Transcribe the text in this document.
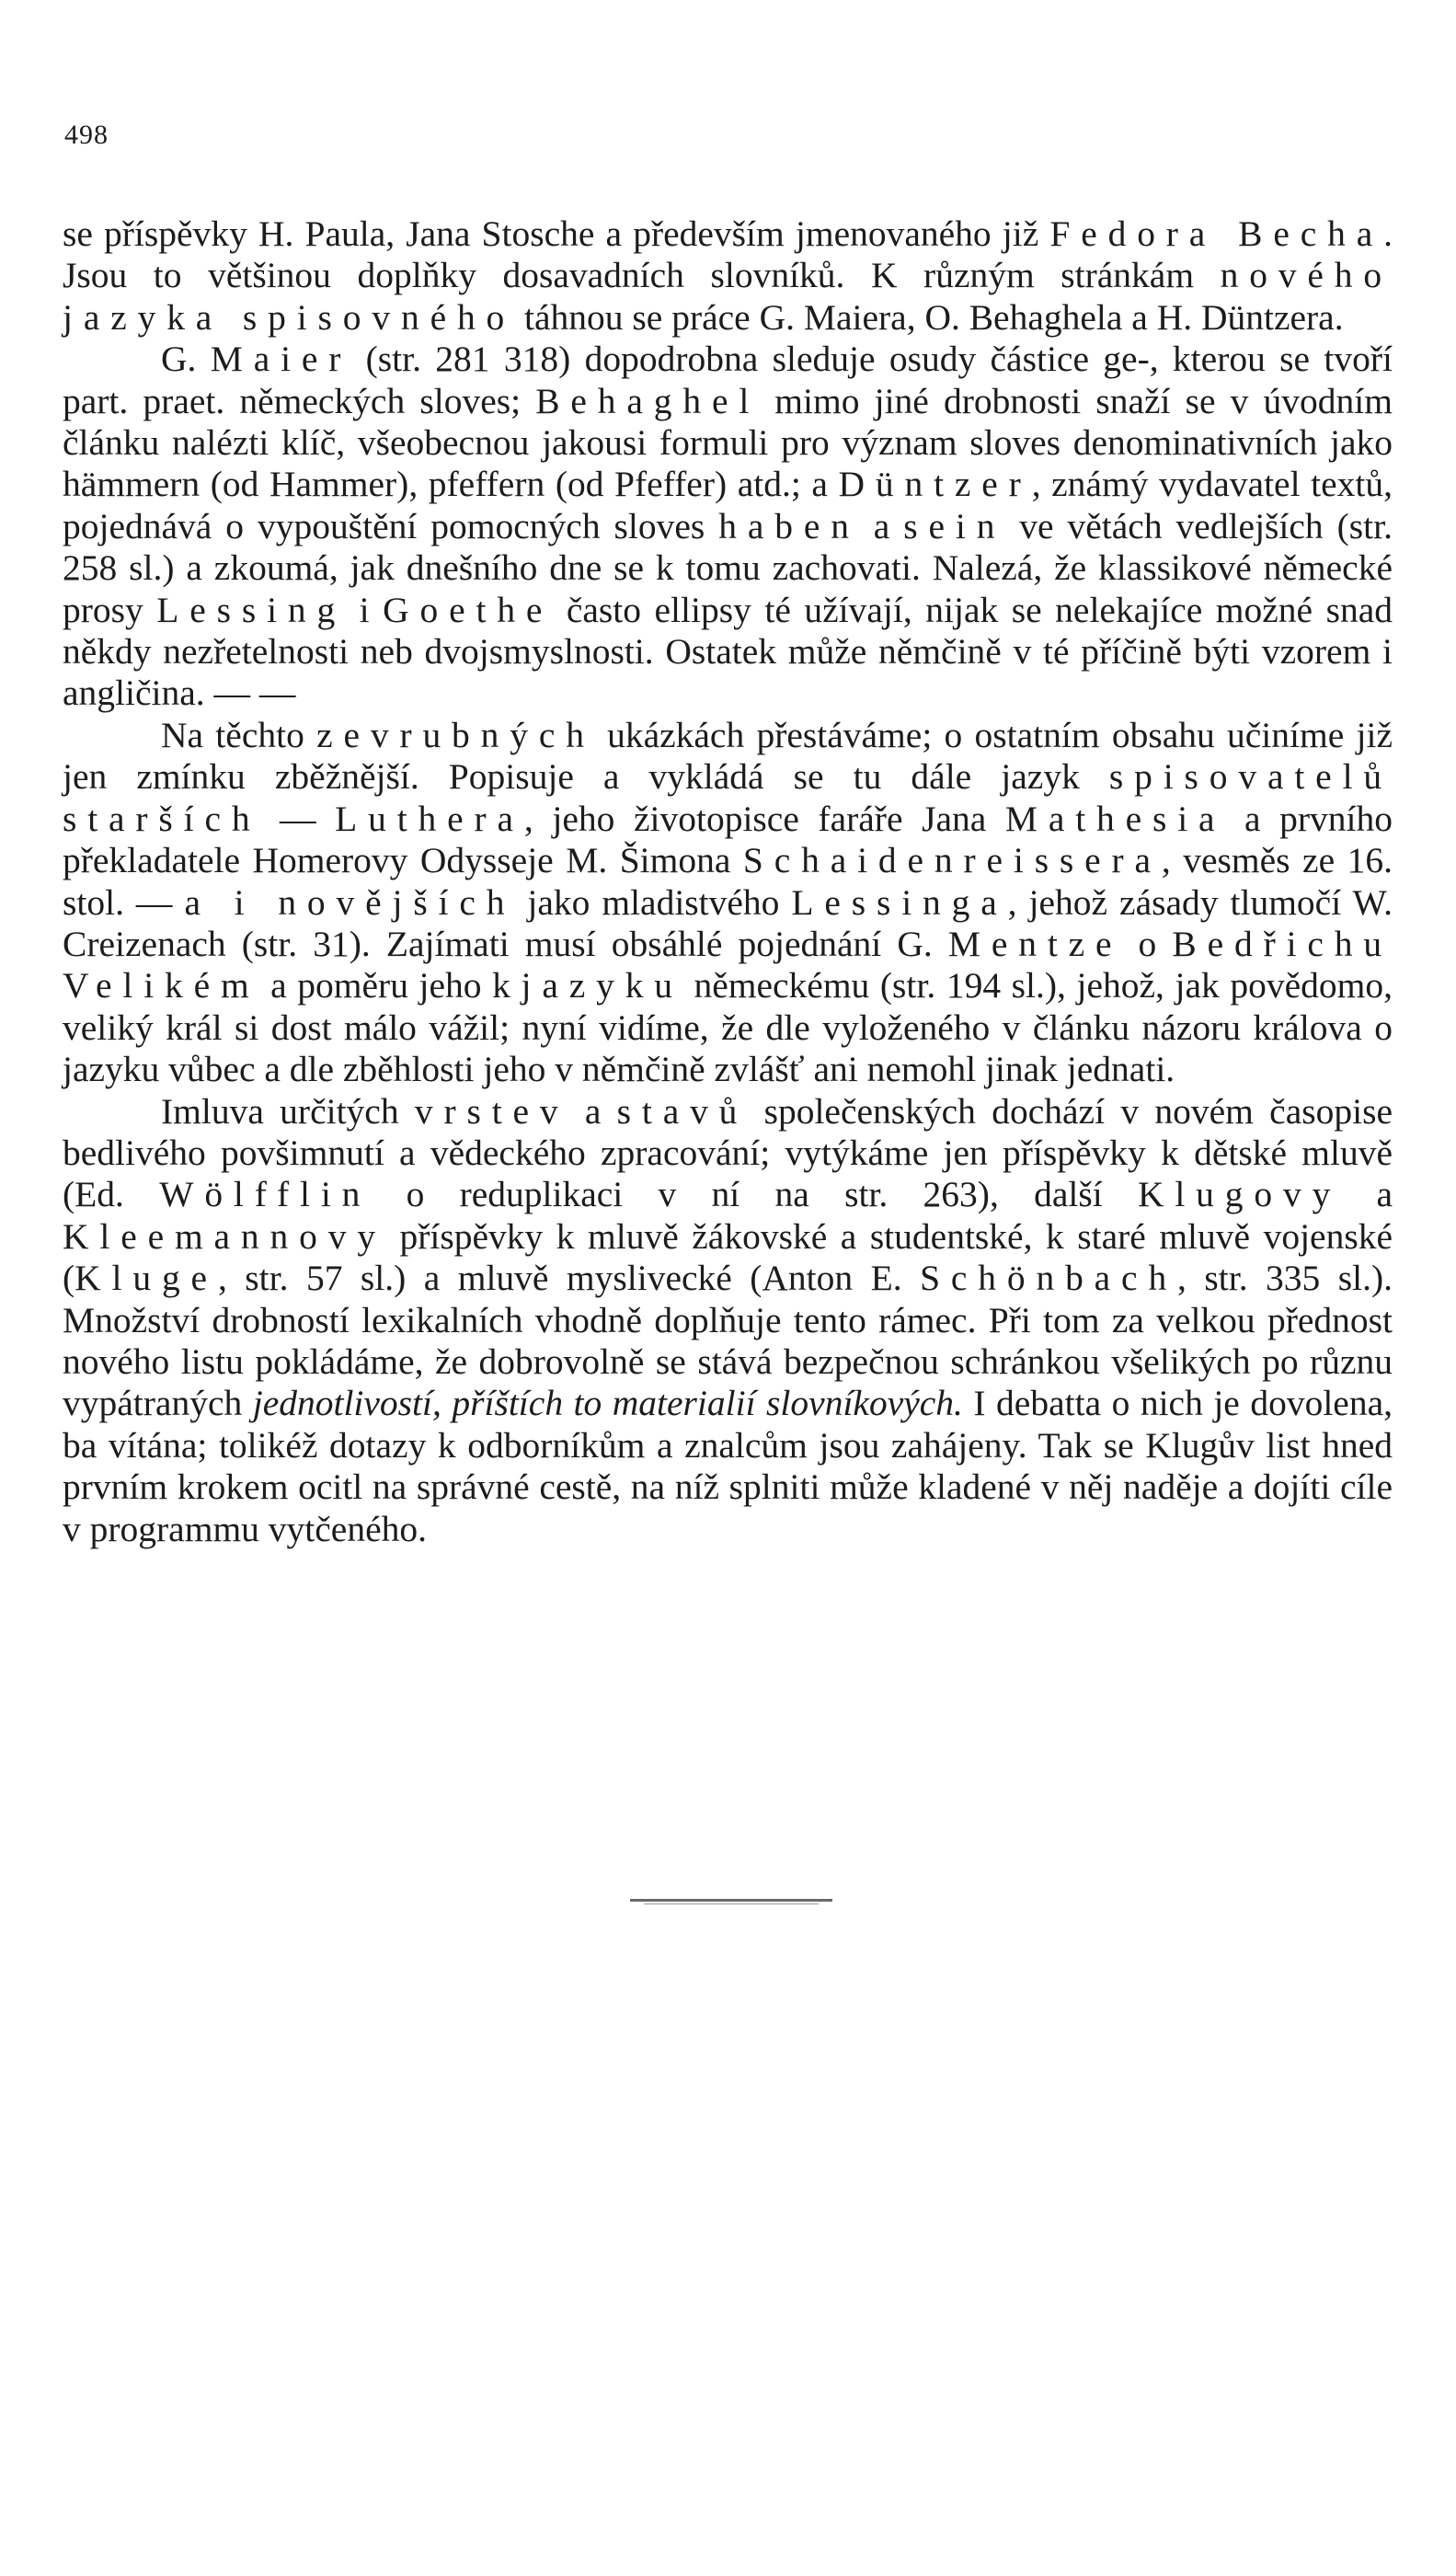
498

se příspěvky H. Paula, Jana Stosche a především jmenovaného již Fedora Becha. Jsou to většinou doplňky dosavadních slovníků. K různým stránkám nového jazyka spisovného táhnou se práce G. Maiera, O. Behaghela a H. Düntzera.

G. Maier (str. 281 318) dopodrobna sleduje osudy částice ge-, kterou se tvoří part. praet. německých sloves; Behaghel mimo jiné drobnosti snaží se v úvodním článku nalézti klíč, všeobecnou jakousi formuli pro význam sloves denominativních jako hämmern (od Hammer), pfeffern (od Pfeffer) atd.; a Düntzer, známý vydavatel textů, pojednává o vypouštění pomocných sloves haben a sein ve větách vedlejších (str. 258 sl.) a zkoumá, jak dnešního dne se k tomu zachovati. Nalezá, že klassikové německé prosy Lessing i Goethe často ellipsy té užívají, nijak se nelekajíce možné snad někdy nezřetelnosti neb dvojsmyslnosti. Ostatek může němčině v té příčině býti vzorem i angličina. — —

Na těchto zevrubných ukázkách přestáváme; o ostatním obsahu učiníme již jen zmínku zběžnější. Popisuje a vykládá se tu dále jazyk spisovatelů starších — Luthera, jeho životopisce faráře Jana Mathesia a prvního překladatele Homerovy Odysseje M. Šimona Schaidenreissera, vesměs ze 16. stol. — a i novějších jako mladistvého Lessinga, jehož zásady tlumočí W. Creizenach (str. 31). Zajímati musí obsáhlé pojednání G. Mentze o Bedřichu Velikém a poměru jeho k jazyku německému (str. 194 sl.), jehož, jak povědomo, veliký král si dost málo vážil; nyní vidíme, že dle vyloženého v článku názoru králova o jazyku vůbec a dle zběhlosti jeho v němčině zvlášť ani nemohl jinak jednati.

Imluva určitých vrstev a stavů společenských dochází v novém časopise bedlivého povšimnutí a vědeckého zpracování; vytýkáme jen příspěvky k dětské mluvě (Ed. Wölfflin o reduplikaci v ní na str. 263), další Klugovy a Kleemannovy příspěvky k mluvě žákovské a studentské, k staré mluvě vojenské (Kluge, str. 57 sl.) a mluvě myslivecké (Anton E. Schönbach, str. 335 sl.). Množství drobností lexikalních vhodně doplňuje tento rámec. Při tom za velkou přednost nového listu pokládáme, že dobrovolně se stává bezpečnou schránkou všelikých po různu vypátraných jednotlivostí, příštích to materialií slovníkových. I debatta o nich je dovolena, ba vítána; tolikéž dotazy k odborníkům a znalcům jsou zahájeny. Tak se Klugův list hned prvním krokem ocitl na správné cestě, na níž splniti může kladené v něj naděje a dojíti cíle v programmu vytčeného.
